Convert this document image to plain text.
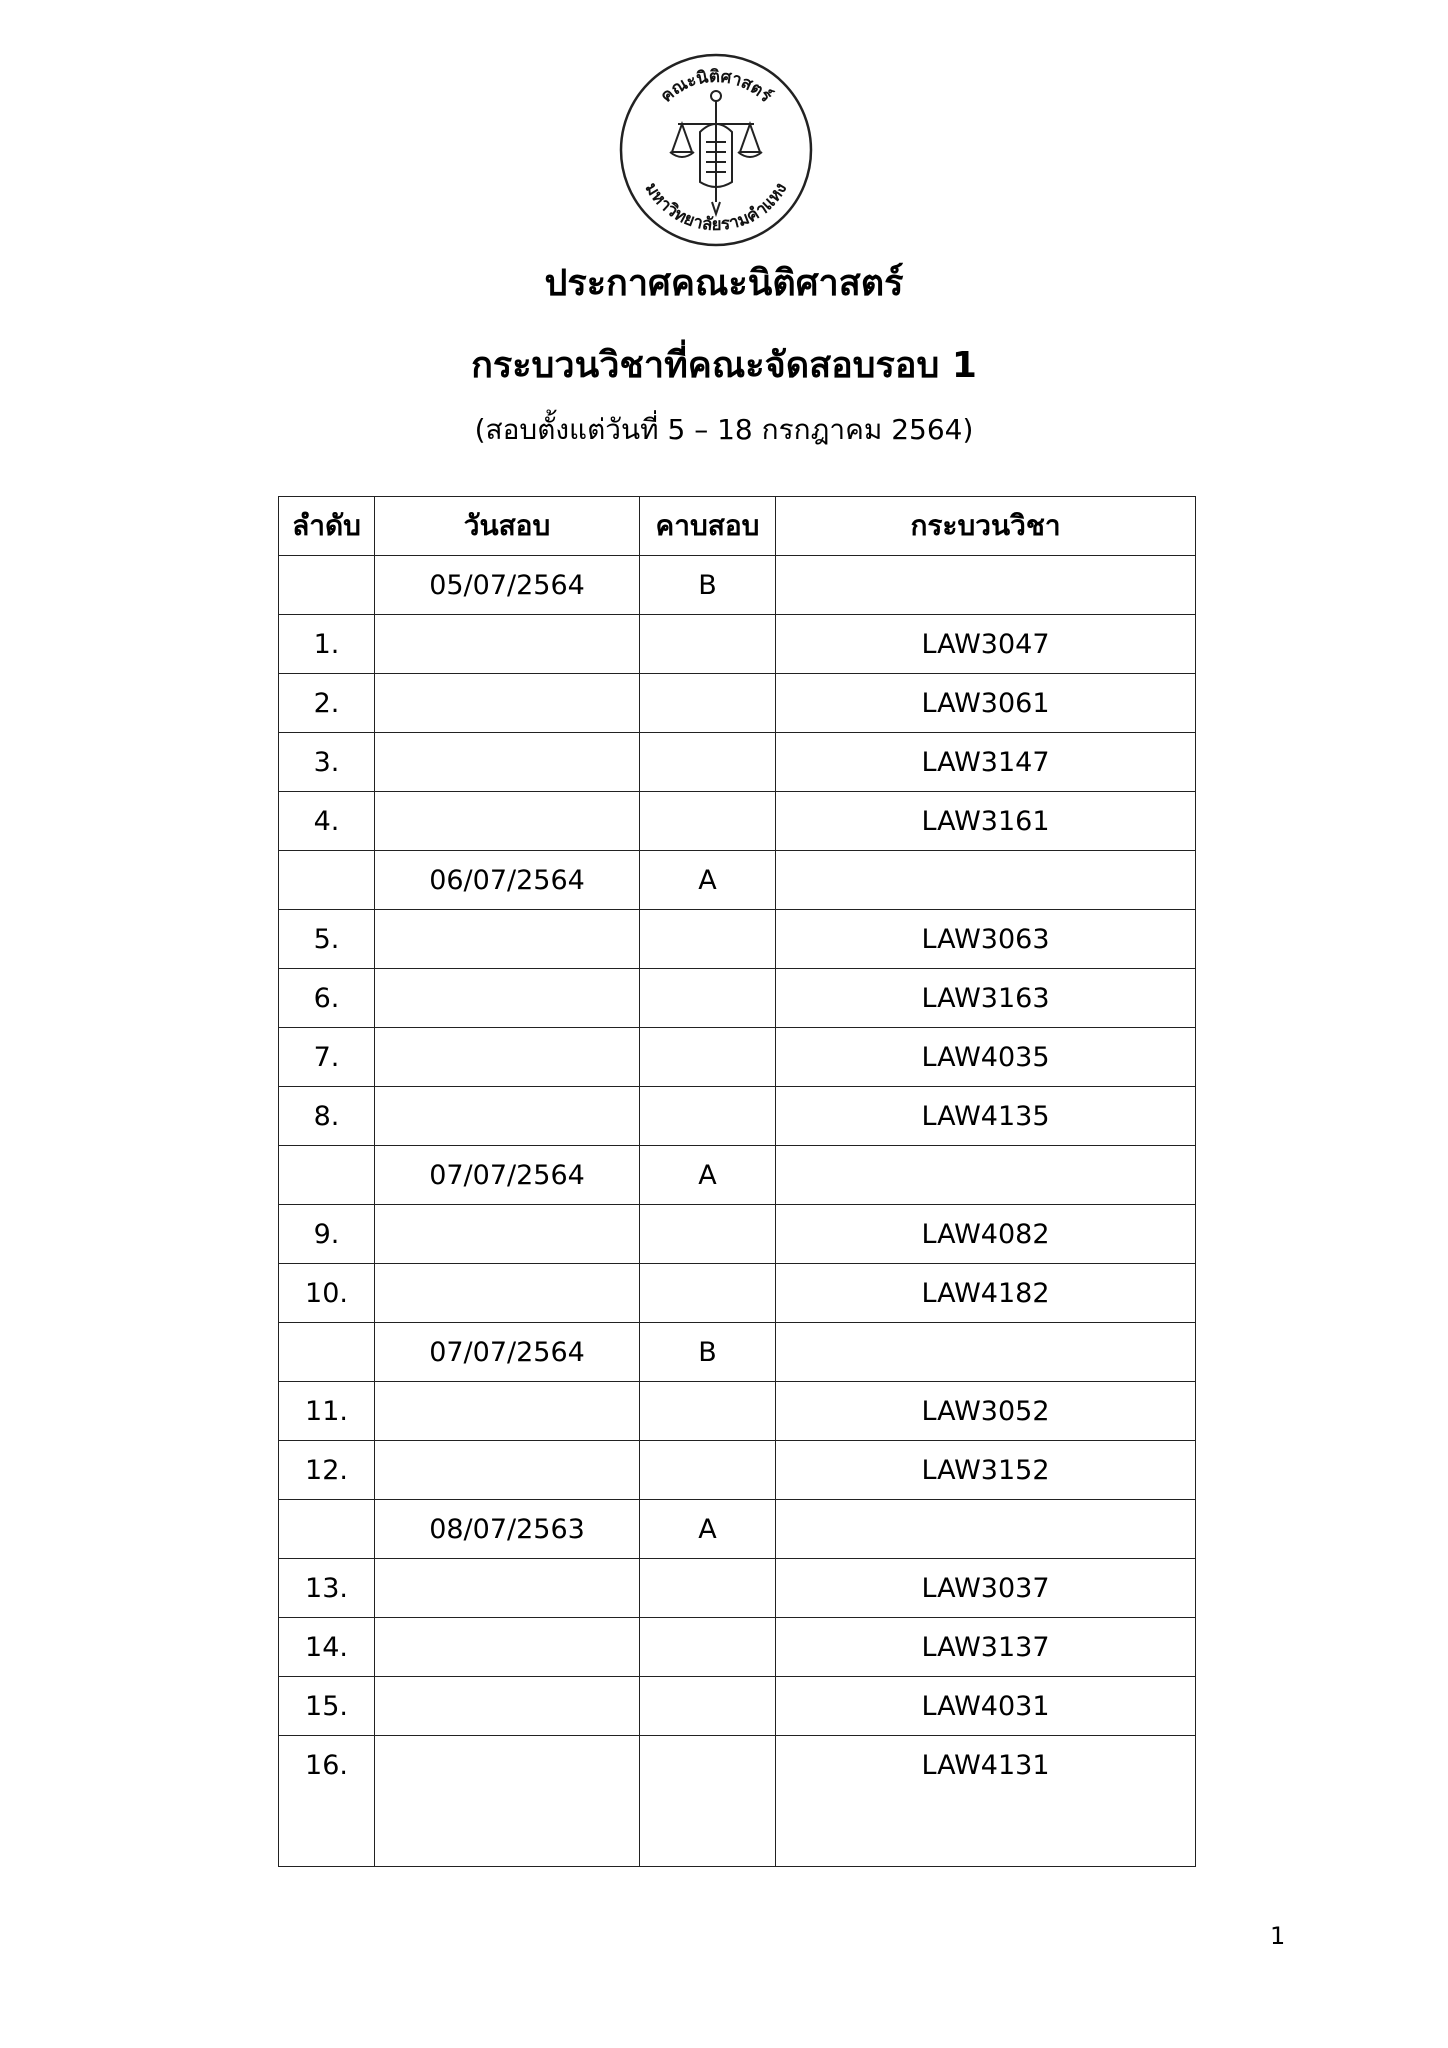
คณะนิติศาสตร์
มหาวิทยาลัยรามคำแหง
ประกาศคณะนิติศาสตร์
กระบวนวิชาที่คณะจัดสอบรอบ 1
(สอบตั้งแต่วันที่ 5 – 18 กรกฎาคม 2564)
ลำดับ	วันสอบ	คาบสอบ	กระบวนวิชา
	05/07/2564	B	
1.			LAW3047
2.			LAW3061
3.			LAW3147
4.			LAW3161
	06/07/2564	A	
5.			LAW3063
6.			LAW3163
7.			LAW4035
8.			LAW4135
	07/07/2564	A	
9.			LAW4082
10.			LAW4182
	07/07/2564	B	
11.			LAW3052
12.			LAW3152
	08/07/2563	A	
13.			LAW3037
14.			LAW3137
15.			LAW4031
16.			LAW4131
1
